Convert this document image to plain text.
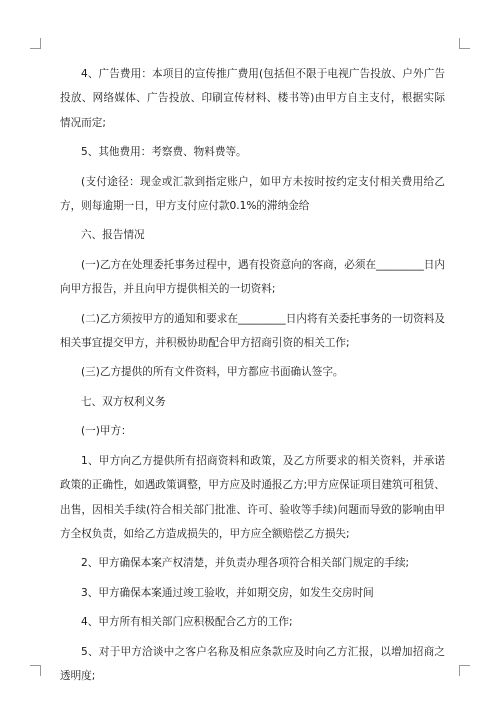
4、广告费用：本项目的宣传推广费用(包括但不限于电视广告投放、户外广告投放、网络媒体、广告投放、印刷宣传材料、楼书等)由甲方自主支付，根据实际情况而定;

5、其他费用：考察费、物料费等。

(支付途径：现金或汇款到指定账户，如甲方未按时按约定支付相关费用给乙方，则每逾期一日，甲方支付应付款0.1%的滞纳金给

六、报告情况

(一)乙方在处理委托事务过程中，遇有投资意向的客商，必须在_________日内向甲方报告，并且向甲方提供相关的一切资料;

(二)乙方须按甲方的通知和要求在_________日内将有关委托事务的一切资料及相关事宜提交甲方，并积极协助配合甲方招商引资的相关工作;

(三)乙方提供的所有文件资料，甲方都应书面确认签字。

七、双方权利义务

(一)甲方：

1、甲方向乙方提供所有招商资料和政策，及乙方所要求的相关资料，并承诺政策的正确性，如遇政策调整，甲方应及时通报乙方;甲方应保证项目建筑可租赁、出售，因相关手续(符合相关部门批准、许可、验收等手续)问题而导致的影响由甲方全权负责，如给乙方造成损失的，甲方应全额赔偿乙方损失;

2、甲方确保本案产权清楚，并负责办理各项符合相关部门规定的手续;

3、甲方确保本案通过竣工验收，并如期交房，如发生交房时间

4、甲方所有相关部门应积极配合乙方的工作;

5、对于甲方洽谈中之客户名称及相应条款应及时向乙方汇报，以增加招商之透明度;
